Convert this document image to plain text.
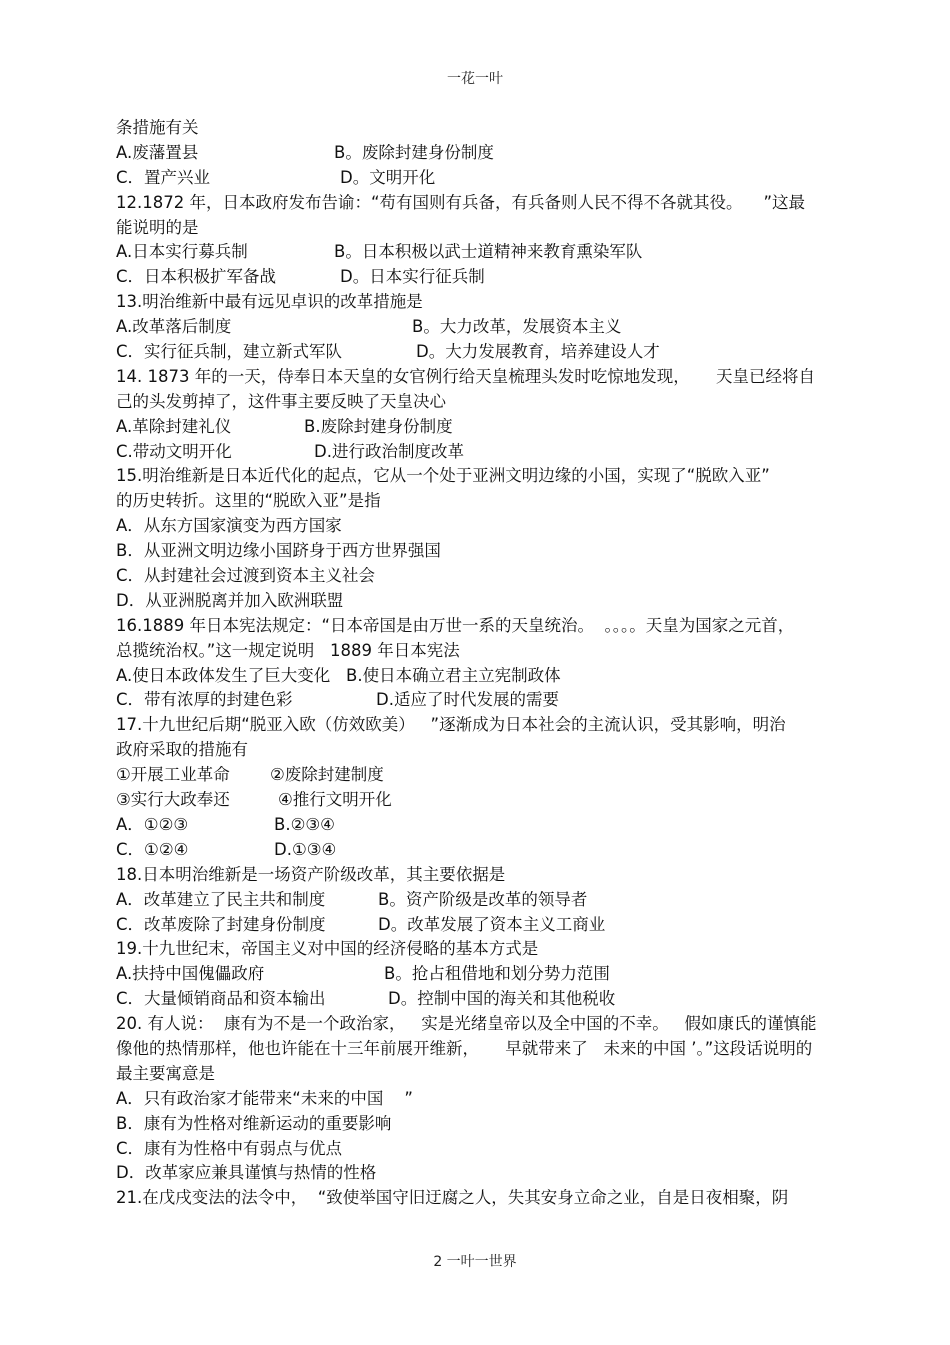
一花一叶
条措施有关
A.废藩置县	B。废除封建身份制度
C．置产兴业	D。文明开化
12.1872 年，日本政府发布告谕：“苟有国则有兵备，有兵备则人民不得不各就其役。    ”这最
能说明的是
A.日本实行募兵制	B。日本积极以武士道精神来教育熏染军队
C．日本积极扩军备战	D。日本实行征兵制
13.明治维新中最有远见卓识的改革措施是
A.改革落后制度	B。大力改革，发展资本主义
C．实行征兵制，建立新式军队	D。大力发展教育，培养建设人才
14. 1873 年的一天，侍奉日本天皇的女官例行给天皇梳理头发时吃惊地发现，     天皇已经将自
己的头发剪掉了，这件事主要反映了天皇决心
A.革除封建礼仪	B.废除封建身份制度
C.带动文明开化	D.进行政治制度改革
15.明治维新是日本近代化的起点，它从一个处于亚洲文明边缘的小国，实现了“脱欧入亚”
的历史转折。这里的“脱欧入亚”是指
A．从东方国家演变为西方国家
B．从亚洲文明边缘小国跻身于西方世界强国
C．从封建社会过渡到资本主义社会
D．从亚洲脱离并加入欧洲联盟
16.1889 年日本宪法规定：“日本帝国是由万世一系的天皇统治。  。。。。天皇为国家之元首，
总揽统治权。”这一规定说明   1889 年日本宪法
A.使日本政体发生了巨大变化 B.使日本确立君主立宪制政体
C．带有浓厚的封建色彩	D.适应了时代发展的需要
17.十九世纪后期“脱亚入欧（仿效欧美）   ”逐渐成为日本社会的主流认识，受其影响，明治
政府采取的措施有
①开展工业革命 ②废除封建制度
③实行大政奉还	④推行文明开化
A．①②③	B.②③④
C．①②④	D.①③④
18.日本明治维新是一场资产阶级改革，其主要依据是
A．改革建立了民主共和制度	B。资产阶级是改革的领导者
C．改革废除了封建身份制度	D。改革发展了资本主义工商业
19.十九世纪末，帝国主义对中国的经济侵略的基本方式是
A.扶持中国傀儡政府	B。抢占租借地和划分势力范围
C．大量倾销商品和资本输出	D。控制中国的海关和其他税收
20. 有人说：  康有为不是一个政治家，   实是光绪皇帝以及全中国的不幸。   假如康氏的谨慎能
像他的热情那样，他也许能在十三年前展开维新，     早就带来了   未来的中国 ’。”这段话说明的
最主要寓意是
A．只有政治家才能带来“未来的中国    ”
B．康有为性格对维新运动的重要影响
C．康有为性格中有弱点与优点
D．改革家应兼具谨慎与热情的性格
21.在戊戌变法的法令中，  “致使举国守旧迂腐之人，失其安身立命之业，自是日夜相聚，阴
2 一叶一世界
